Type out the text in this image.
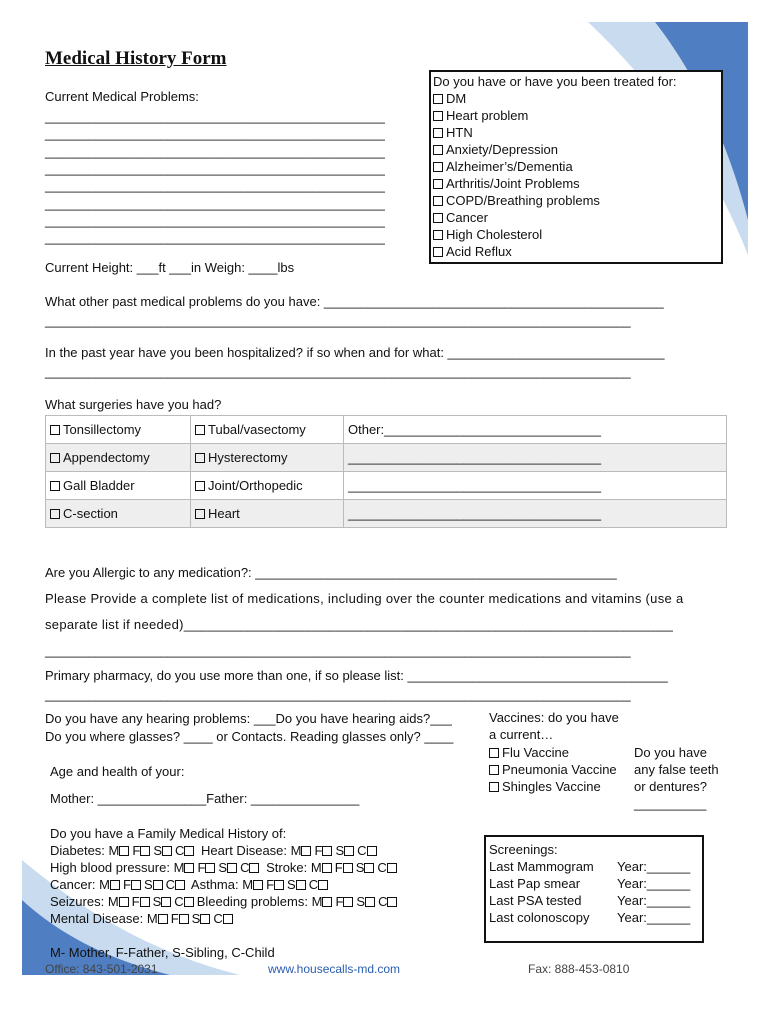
Medical History Form
Current Medical Problems:
_______________________________________________
_______________________________________________
_______________________________________________
_______________________________________________
_______________________________________________
_______________________________________________
_______________________________________________
_______________________________________________
Do you have or have you been treated for:
DM
Heart problem
HTN
Anxiety/Depression
Alzheimer’s/Dementia
Arthritis/Joint Problems
COPD/Breathing problems
Cancer
High Cholesterol
Acid Reflux
Current Height: ___ft ___in Weigh: ____lbs
What other past medical problems do you have: _______________________________________________
_________________________________________________________________________________
In the past year have you been hospitalized? if so when and for what: ______________________________
_________________________________________________________________________________
What surgeries have you had?
Tonsillectomy	Tubal/vasectomy	Other:______________________________
Appendectomy	Hysterectomy	___________________________________
Gall Bladder	Joint/Orthopedic	___________________________________
C-section	Heart	___________________________________
Are you Allergic to any medication?: __________________________________________________
Please Provide a complete list of medications, including over the counter medications and vitamins (use a
separate list if needed)_________________________________________________________________
_________________________________________________________________________________
Primary pharmacy, do you use more than one, if so please list: ____________________________________
_________________________________________________________________________________
Do you have any hearing problems: ___Do you have hearing aids?___
Do you where glasses? ____ or Contacts. Reading glasses only? ____
Vaccines: do you have
a current…
Flu Vaccine
Pneumonia Vaccine
Shingles Vaccine
Do you have
any false teeth
or dentures?
__________
Age and health of your:
Mother: _______________Father: _______________
Do you have a Family Medical History of:
Diabetes: M F S C Heart Disease: M F S C
High blood pressure: M F S C Stroke: M F S C
Cancer: M F S C Asthma: M F S C
Seizures: M F S C Bleeding problems: M F S C
Mental Disease: M F S C
Screenings:
Last Mammogram Year:______
Last Pap smear	Year:______
Last PSA tested	Year:______
Last colonoscopy Year:______
M- Mother, F-Father, S-Sibling, C-Child
Office: 843-501-2031	www.housecalls-md.com	Fax: 888-453-0810
